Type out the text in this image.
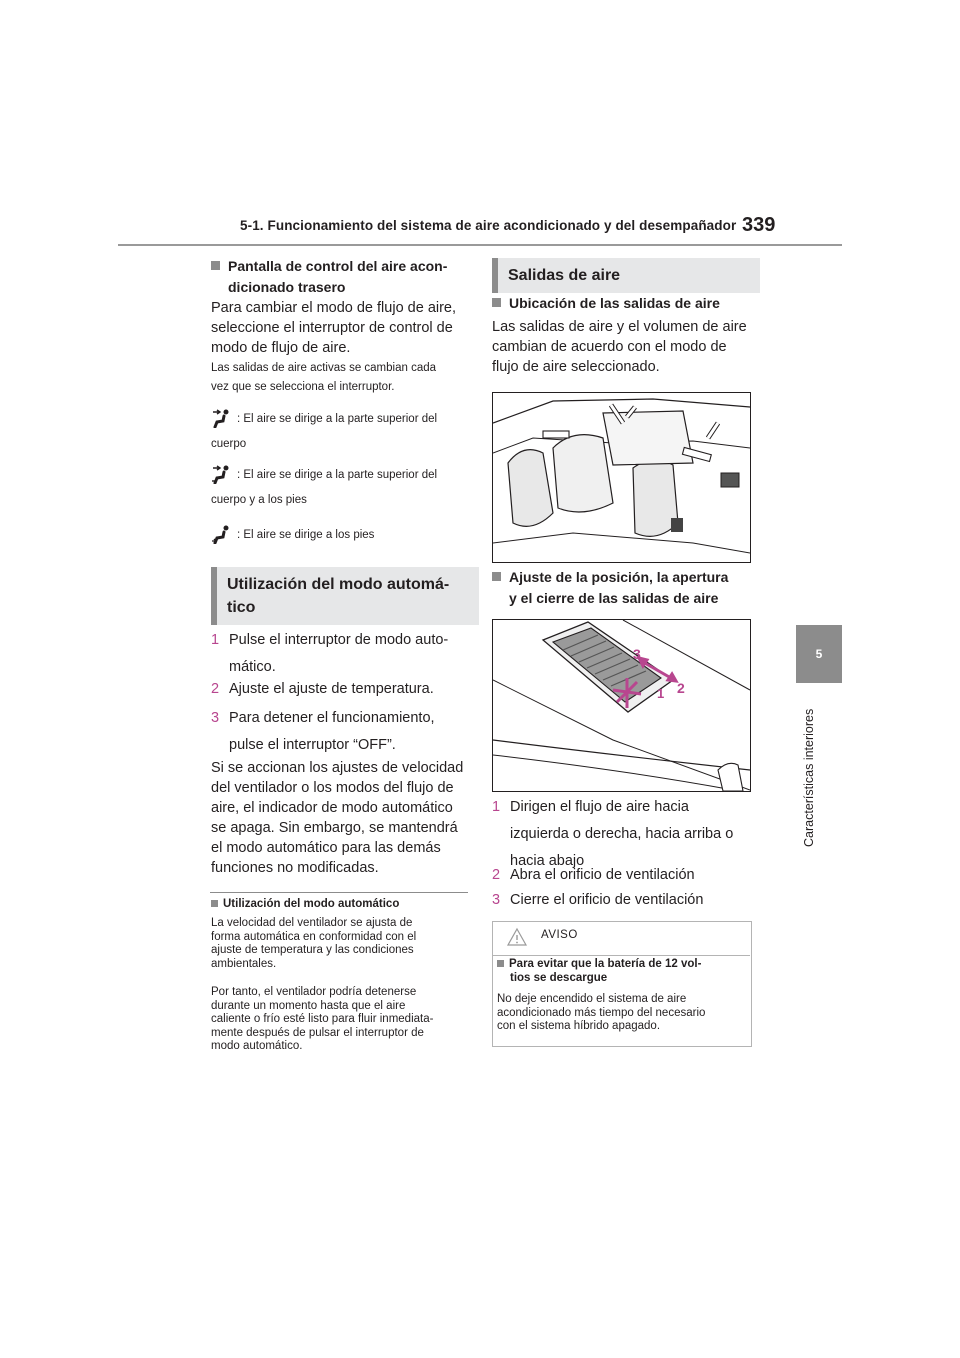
5-1. Funcionamiento del sistema de aire acondicionado y del desempañador 339
5
Características interiores
Pantalla de control del aire acon-
dicionado trasero
Para cambiar el modo de flujo de aire,
seleccione el interruptor de control de
modo de flujo de aire.
Las salidas de aire activas se cambian cada
vez que se selecciona el interruptor.
: El aire se dirige a la parte superior del
cuerpo
: El aire se dirige a la parte superior del
cuerpo y a los pies
: El aire se dirige a los pies
Utilización del modo automá-
tico
1 Pulse el interruptor de modo auto-
mático.
2 Ajuste el ajuste de temperatura.
3 Para detener el funcionamiento,
pulse el interruptor “OFF”.
Si se accionan los ajustes de velocidad
del ventilador o los modos del flujo de
aire, el indicador de modo automático
se apaga. Sin embargo, se mantendrá
el modo automático para las demás
funciones no modificadas.
Utilización del modo automático
La velocidad del ventilador se ajusta de
forma automática en conformidad con el
ajuste de temperatura y las condiciones
ambientales.
Por tanto, el ventilador podría detenerse
durante un momento hasta que el aire
caliente o frío esté listo para fluir inmediata-
mente después de pulsar el interruptor de
modo automático.
Salidas de aire
Ubicación de las salidas de aire
Las salidas de aire y el volumen de aire
cambian de acuerdo con el modo de
flujo de aire seleccionado.
Ajuste de la posición, la apertura
y el cierre de las salidas de aire
3
2
1
1 Dirigen el flujo de aire hacia
izquierda o derecha, hacia arriba o
hacia abajo
2 Abra el orificio de ventilación
3 Cierre el orificio de ventilación
AVISO
Para evitar que la batería de 12 vol-
tios se descargue
No deje encendido el sistema de aire
acondicionado más tiempo del necesario
con el sistema híbrido apagado.
